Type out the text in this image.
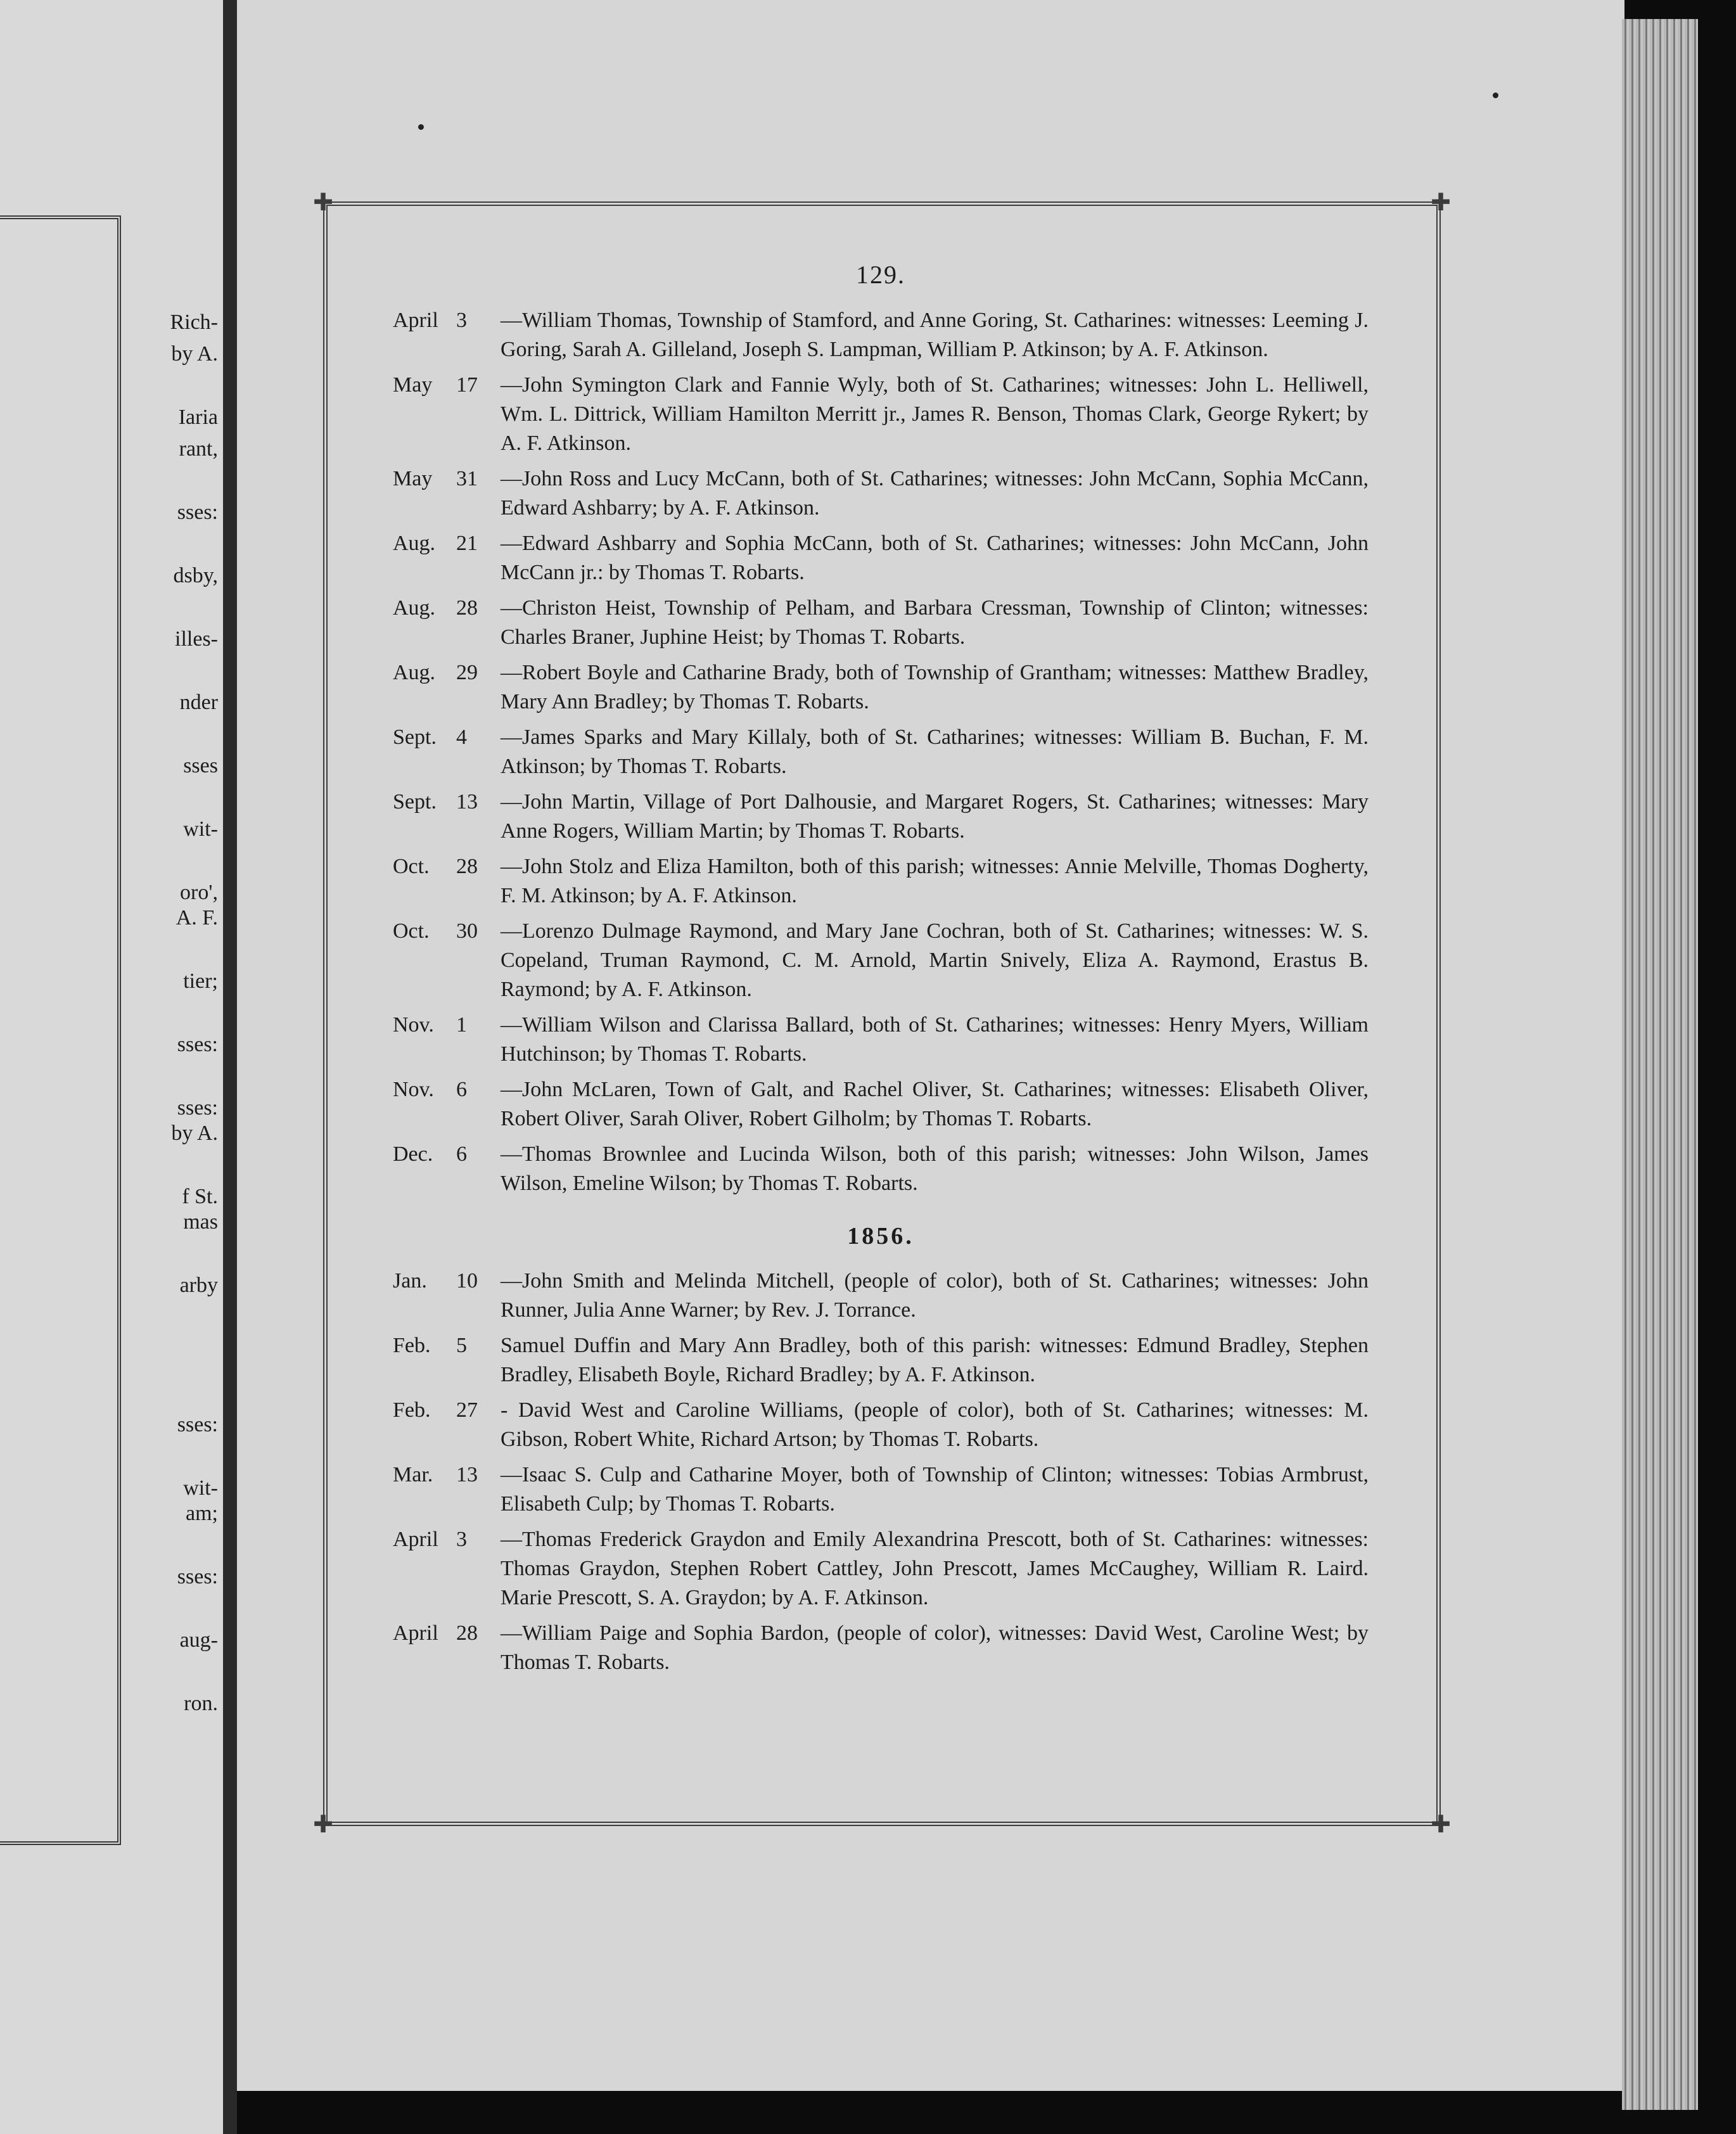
Rich-
by A.
Iaria
rant,
sses:
dsby,
illes-
nder
sses
wit-
oro',
A. F.
tier;
sses:
sses:
by A.
f St.
mas
arby
sses:
wit-
am;
sses:
aug-
ron.
✚	✚
✚	✚
129.
April 3	—William Thomas, Township of Stamford, and Anne Goring, St. Catharines: witnesses: Leeming J. Goring, Sarah A. Gilleland, Joseph S. Lampman, William P. Atkinson; by A. F. Atkinson.
May 17	—John Symington Clark and Fannie Wyly, both of St. Catharines; witnesses: John L. Helliwell, Wm. L. Dittrick, William Hamilton Merritt jr., James R. Benson, Thomas Clark, George Rykert; by A. F. Atkinson.
May 31	—John Ross and Lucy McCann, both of St. Catharines; witnesses: John McCann, Sophia McCann, Edward Ashbarry; by A. F. Atkinson.
Aug. 21	—Edward Ashbarry and Sophia McCann, both of St. Catharines; witnesses: John McCann, John McCann jr.: by Thomas T. Robarts.
Aug. 28	—Christon Heist, Township of Pelham, and Barbara Cressman, Township of Clinton; witnesses: Charles Braner, Juphine Heist; by Thomas T. Robarts.
Aug. 29	—Robert Boyle and Catharine Brady, both of Township of Grantham; witnesses: Matthew Bradley, Mary Ann Bradley; by Thomas T. Robarts.
Sept. 4	—James Sparks and Mary Killaly, both of St. Catharines; witnesses: William B. Buchan, F. M. Atkinson; by Thomas T. Robarts.
Sept. 13	—John Martin, Village of Port Dalhousie, and Margaret Rogers, St. Catharines; witnesses: Mary Anne Rogers, William Martin; by Thomas T. Robarts.
Oct. 28	—John Stolz and Eliza Hamilton, both of this parish; witnesses: Annie Melville, Thomas Dogherty, F. M. Atkinson; by A. F. Atkinson.
Oct. 30	—Lorenzo Dulmage Raymond, and Mary Jane Cochran, both of St. Catharines; witnesses: W. S. Copeland, Truman Raymond, C. M. Arnold, Martin Snively, Eliza A. Raymond, Erastus B. Raymond; by A. F. Atkinson.
Nov. 1	—William Wilson and Clarissa Ballard, both of St. Catharines; witnesses: Henry Myers, William Hutchinson; by Thomas T. Robarts.
Nov. 6	—John McLaren, Town of Galt, and Rachel Oliver, St. Catharines; witnesses: Elisabeth Oliver, Robert Oliver, Sarah Oliver, Robert Gilholm; by Thomas T. Robarts.
Dec. 6	—Thomas Brownlee and Lucinda Wilson, both of this parish; witnesses: John Wilson, James Wilson, Emeline Wilson; by Thomas T. Robarts.
1856.
Jan. 10	—John Smith and Melinda Mitchell, (people of color), both of St. Catharines; witnesses: John Runner, Julia Anne Warner; by Rev. J. Torrance.
Feb. 5	Samuel Duffin and Mary Ann Bradley, both of this parish: witnesses: Edmund Bradley, Stephen Bradley, Elisabeth Boyle, Richard Bradley; by A. F. Atkinson.
Feb. 27	- David West and Caroline Williams, (people of color), both of St. Catharines; witnesses: M. Gibson, Robert White, Richard Artson; by Thomas T. Robarts.
Mar. 13	—Isaac S. Culp and Catharine Moyer, both of Township of Clinton; witnesses: Tobias Armbrust, Elisabeth Culp; by Thomas T. Robarts.
April 3	—Thomas Frederick Graydon and Emily Alexandrina Prescott, both of St. Catharines: witnesses: Thomas Graydon, Stephen Robert Cattley, John Prescott, James McCaughey, William R. Laird. Marie Prescott, S. A. Graydon; by A. F. Atkinson.
April 28	—William Paige and Sophia Bardon, (people of color), witnesses: David West, Caroline West; by Thomas T. Robarts.
